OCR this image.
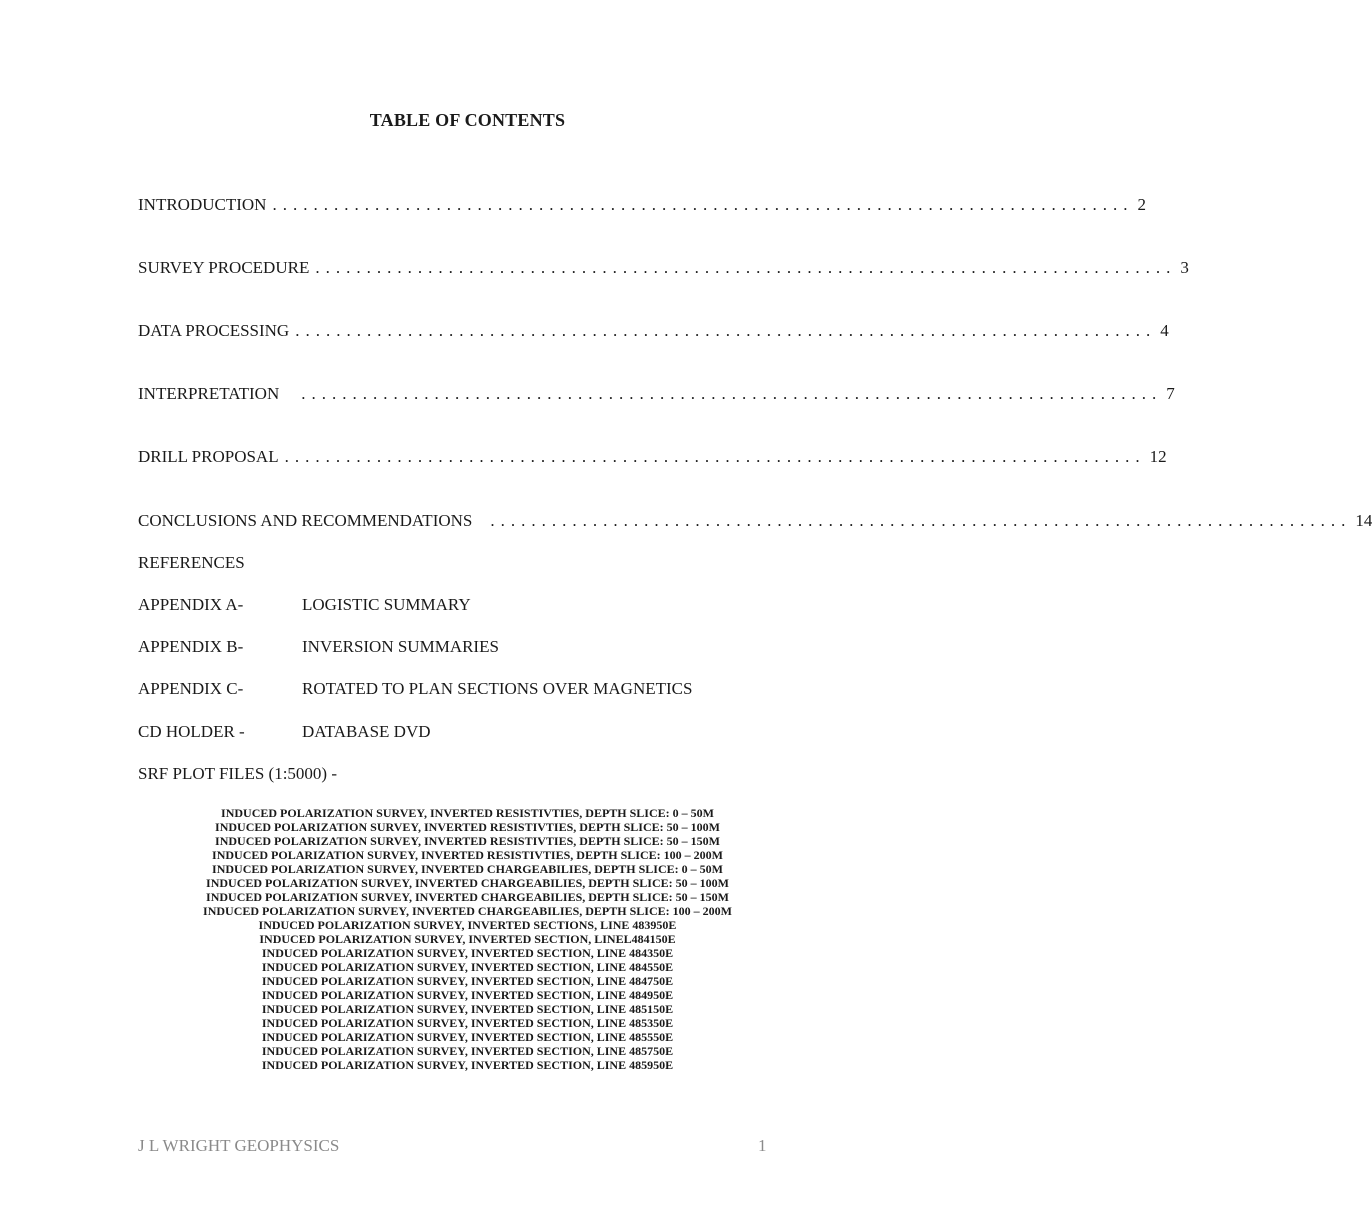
TABLE OF CONTENTS
INTRODUCTION .................................................................................... 2
SURVEY PROCEDURE .................................................................................... 3
DATA PROCESSING .................................................................................... 4
INTERPRETATION	.................................................................................... 7
DRILL PROPOSAL .................................................................................... 12
CONCLUSIONS AND RECOMMENDATIONS	.................................................................................... 14
REFERENCES
APPENDIX A-	LOGISTIC SUMMARY
APPENDIX B-	INVERSION SUMMARIES
APPENDIX C-	ROTATED TO PLAN SECTIONS OVER MAGNETICS
CD HOLDER -	DATABASE DVD
SRF PLOT FILES (1:5000) -
INDUCED POLARIZATION SURVEY, INVERTED RESISTIVTIES, DEPTH SLICE: 0 – 50M
INDUCED POLARIZATION SURVEY, INVERTED RESISTIVTIES, DEPTH SLICE: 50 – 100M
INDUCED POLARIZATION SURVEY, INVERTED RESISTIVTIES, DEPTH SLICE: 50 – 150M
INDUCED POLARIZATION SURVEY, INVERTED RESISTIVTIES, DEPTH SLICE: 100 – 200M
INDUCED POLARIZATION SURVEY, INVERTED CHARGEABILIES, DEPTH SLICE: 0 – 50M
INDUCED POLARIZATION SURVEY, INVERTED CHARGEABILIES, DEPTH SLICE: 50 – 100M
INDUCED POLARIZATION SURVEY, INVERTED CHARGEABILIES, DEPTH SLICE: 50 – 150M
INDUCED POLARIZATION SURVEY, INVERTED CHARGEABILIES, DEPTH SLICE: 100 – 200M
INDUCED POLARIZATION SURVEY, INVERTED SECTIONS, LINE 483950E
INDUCED POLARIZATION SURVEY, INVERTED SECTION, LINEL484150E
INDUCED POLARIZATION SURVEY, INVERTED SECTION, LINE 484350E
INDUCED POLARIZATION SURVEY, INVERTED SECTION, LINE 484550E
INDUCED POLARIZATION SURVEY, INVERTED SECTION, LINE 484750E
INDUCED POLARIZATION SURVEY, INVERTED SECTION, LINE 484950E
INDUCED POLARIZATION SURVEY, INVERTED SECTION, LINE 485150E
INDUCED POLARIZATION SURVEY, INVERTED SECTION, LINE 485350E
INDUCED POLARIZATION SURVEY, INVERTED SECTION, LINE 485550E
INDUCED POLARIZATION SURVEY, INVERTED SECTION, LINE 485750E
INDUCED POLARIZATION SURVEY, INVERTED SECTION, LINE 485950E
J L WRIGHT GEOPHYSICS	1
